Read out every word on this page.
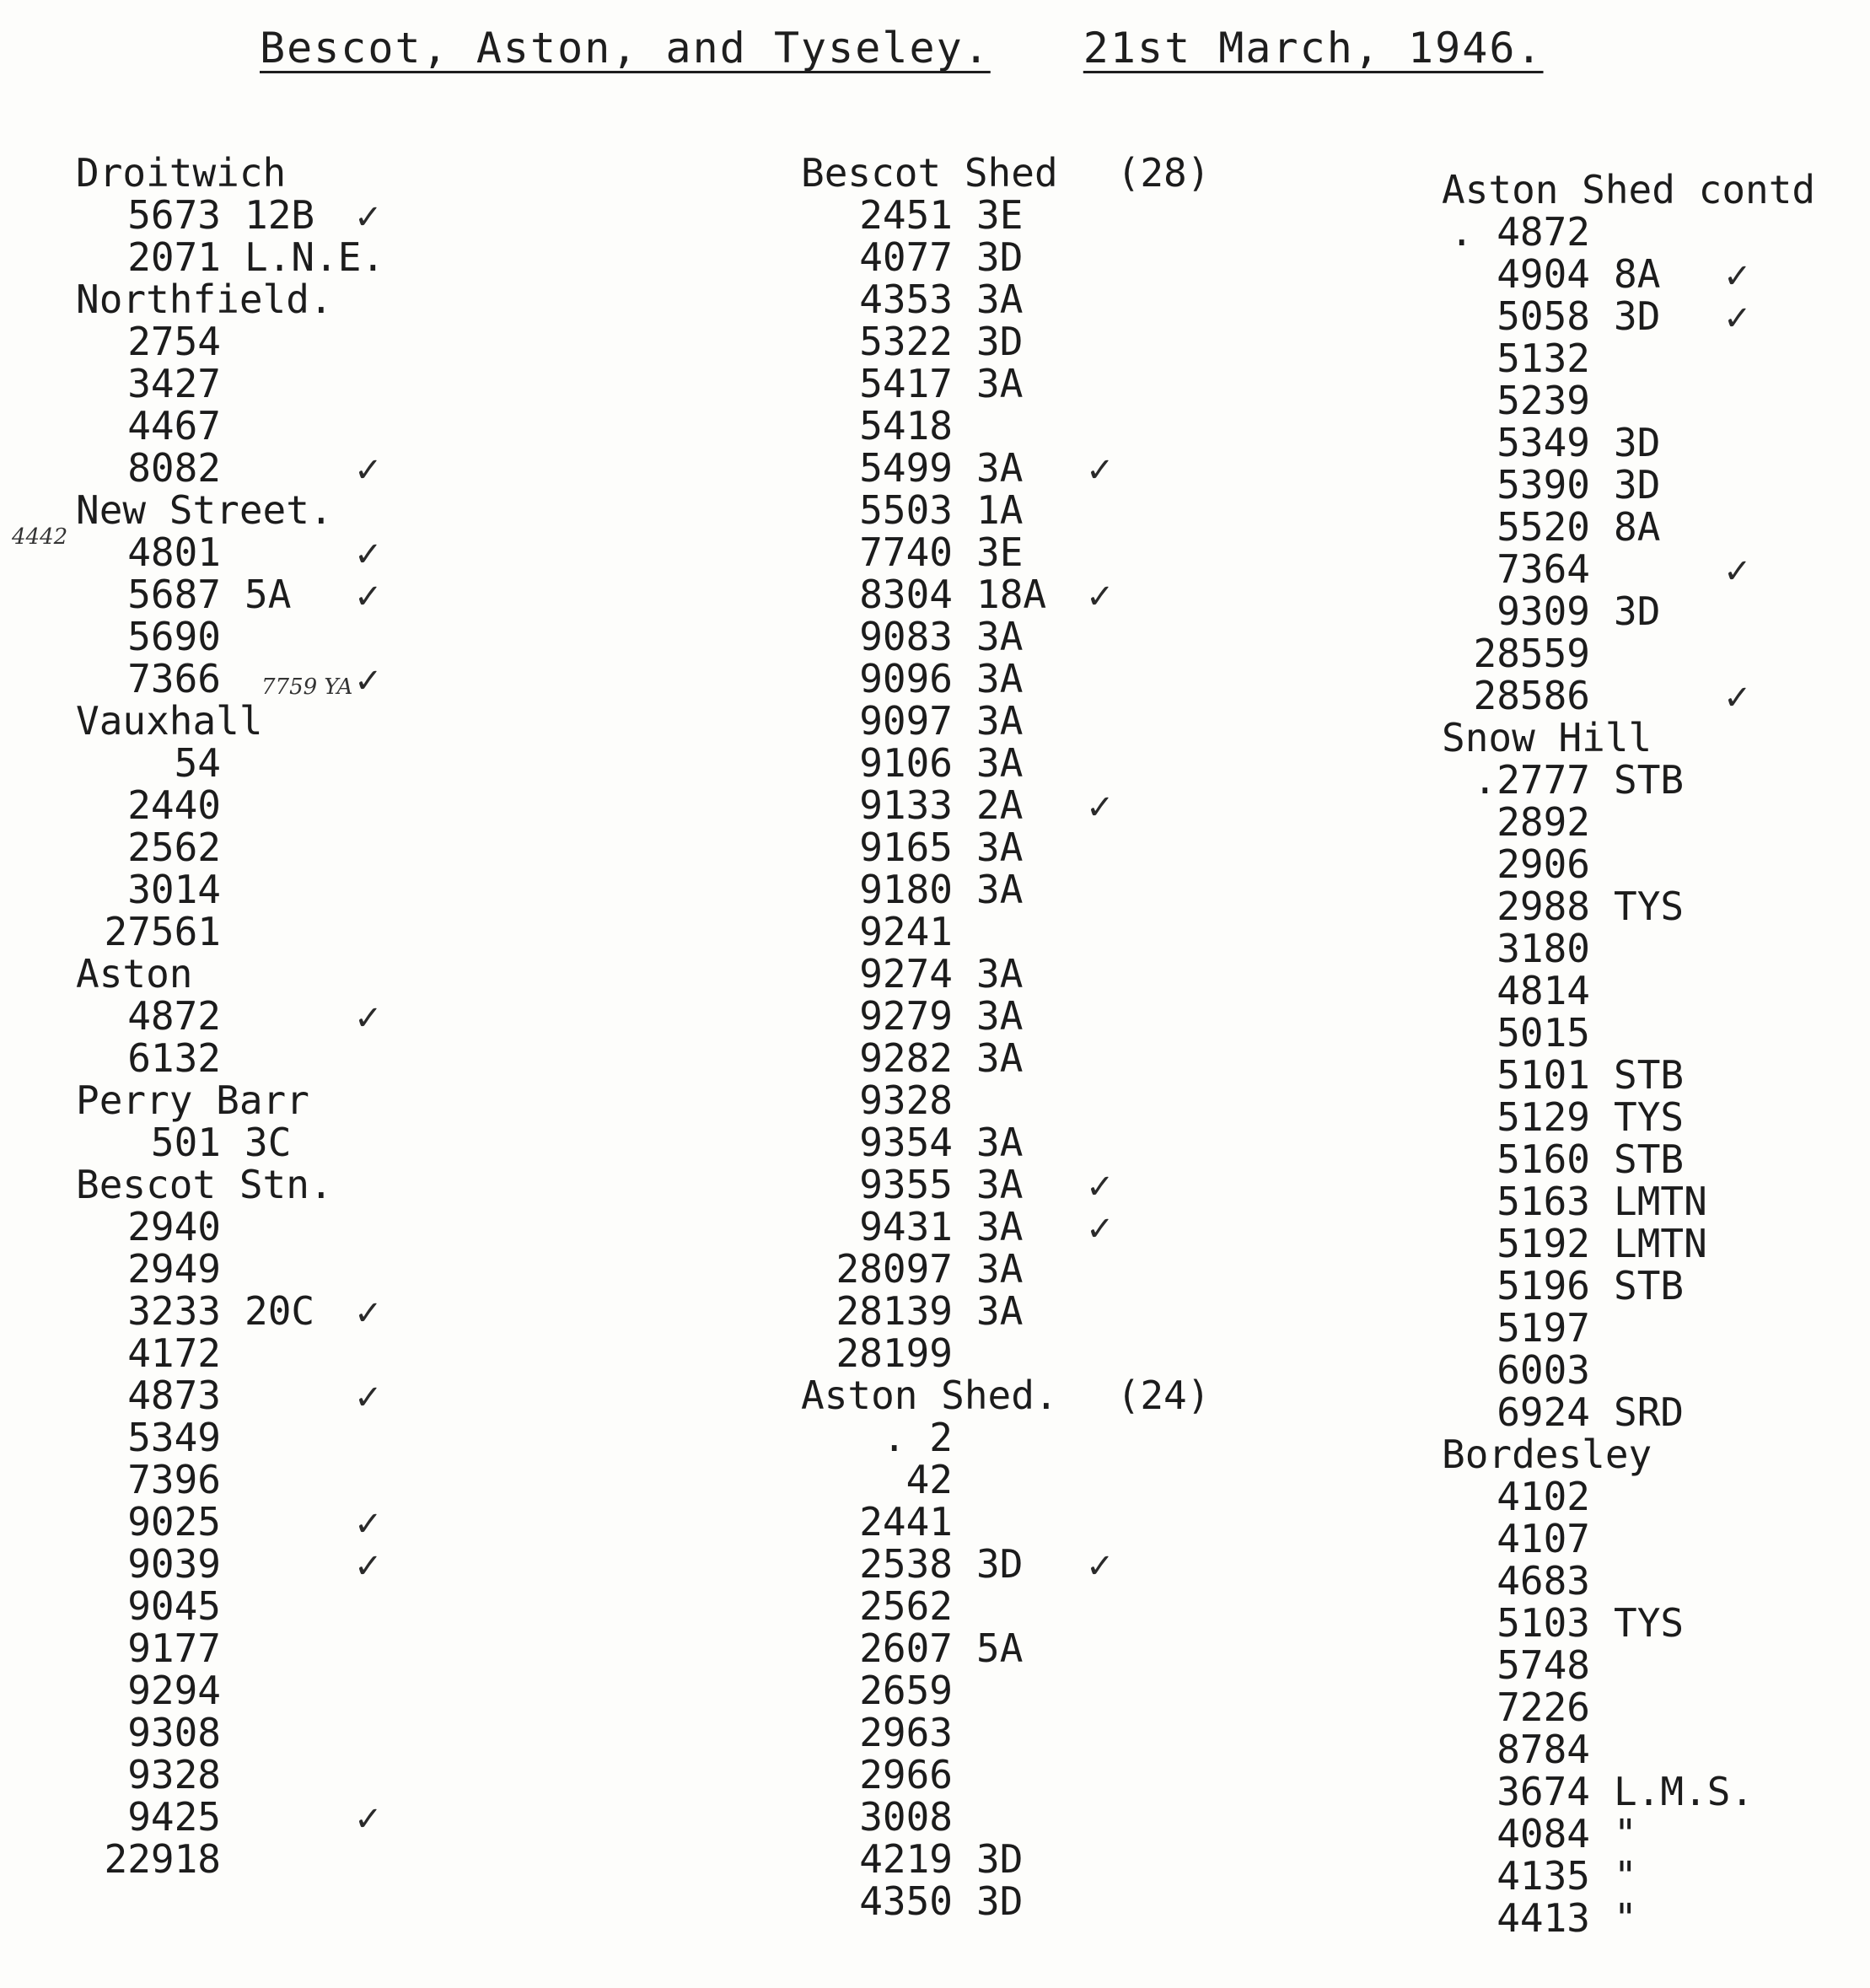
Bescot, Aston, and Tyseley. 21st March, 1946.
Droitwich
5673 12B ✓
2071 L.N.E.
Northfield.
2754
3427
4467
8082	✓
New Street.
4801	✓
5687 5A ✓
5690
7366	✓
Vauxhall
54
2440
2562
3014
27561
Aston
4872	✓
6132
Perry Barr
501 3C
Bescot Stn.
2940
2949
3233 20C ✓
4172
4873	✓
5349
7396
9025	✓
9039	✓
9045
9177
9294
9308
9328
9425	✓
22918
Bescot Shed (28)
2451 3E
4077 3D
4353 3A
5322 3D
5417 3A
5418
5499 3A ✓
5503 1A
7740 3E
8304 18A ✓
9083 3A
9096 3A
9097 3A
9106 3A
9133 2A ✓
9165 3A
9180 3A
9241
9274 3A
9279 3A
9282 3A
9328
9354 3A
9355 3A ✓
9431 3A ✓
28097 3A
28139 3A
28199
Aston Shed. (24)
. 2
42
2441
2538 3D ✓
2562
2607 5A
2659
2963
2966
3008
4219 3D
4350 3D
Aston Shed contd
. 4872
4904 8A ✓
5058 3D ✓
5132
5239
5349 3D
5390 3D
5520 8A
7364	✓
9309 3D
28559
28586	✓
Snow Hill
.2777 STB
2892
2906
2988 TYS
3180
4814
5015
5101 STB
5129 TYS
5160 STB
5163 LMTN
5192 LMTN
5196 STB
5197
6003
6924 SRD
Bordesley
4102
4107
4683
5103 TYS
5748
7226
8784
3674 L.M.S.
4084 "
4135 "
4413 "
4442
7759 YA
